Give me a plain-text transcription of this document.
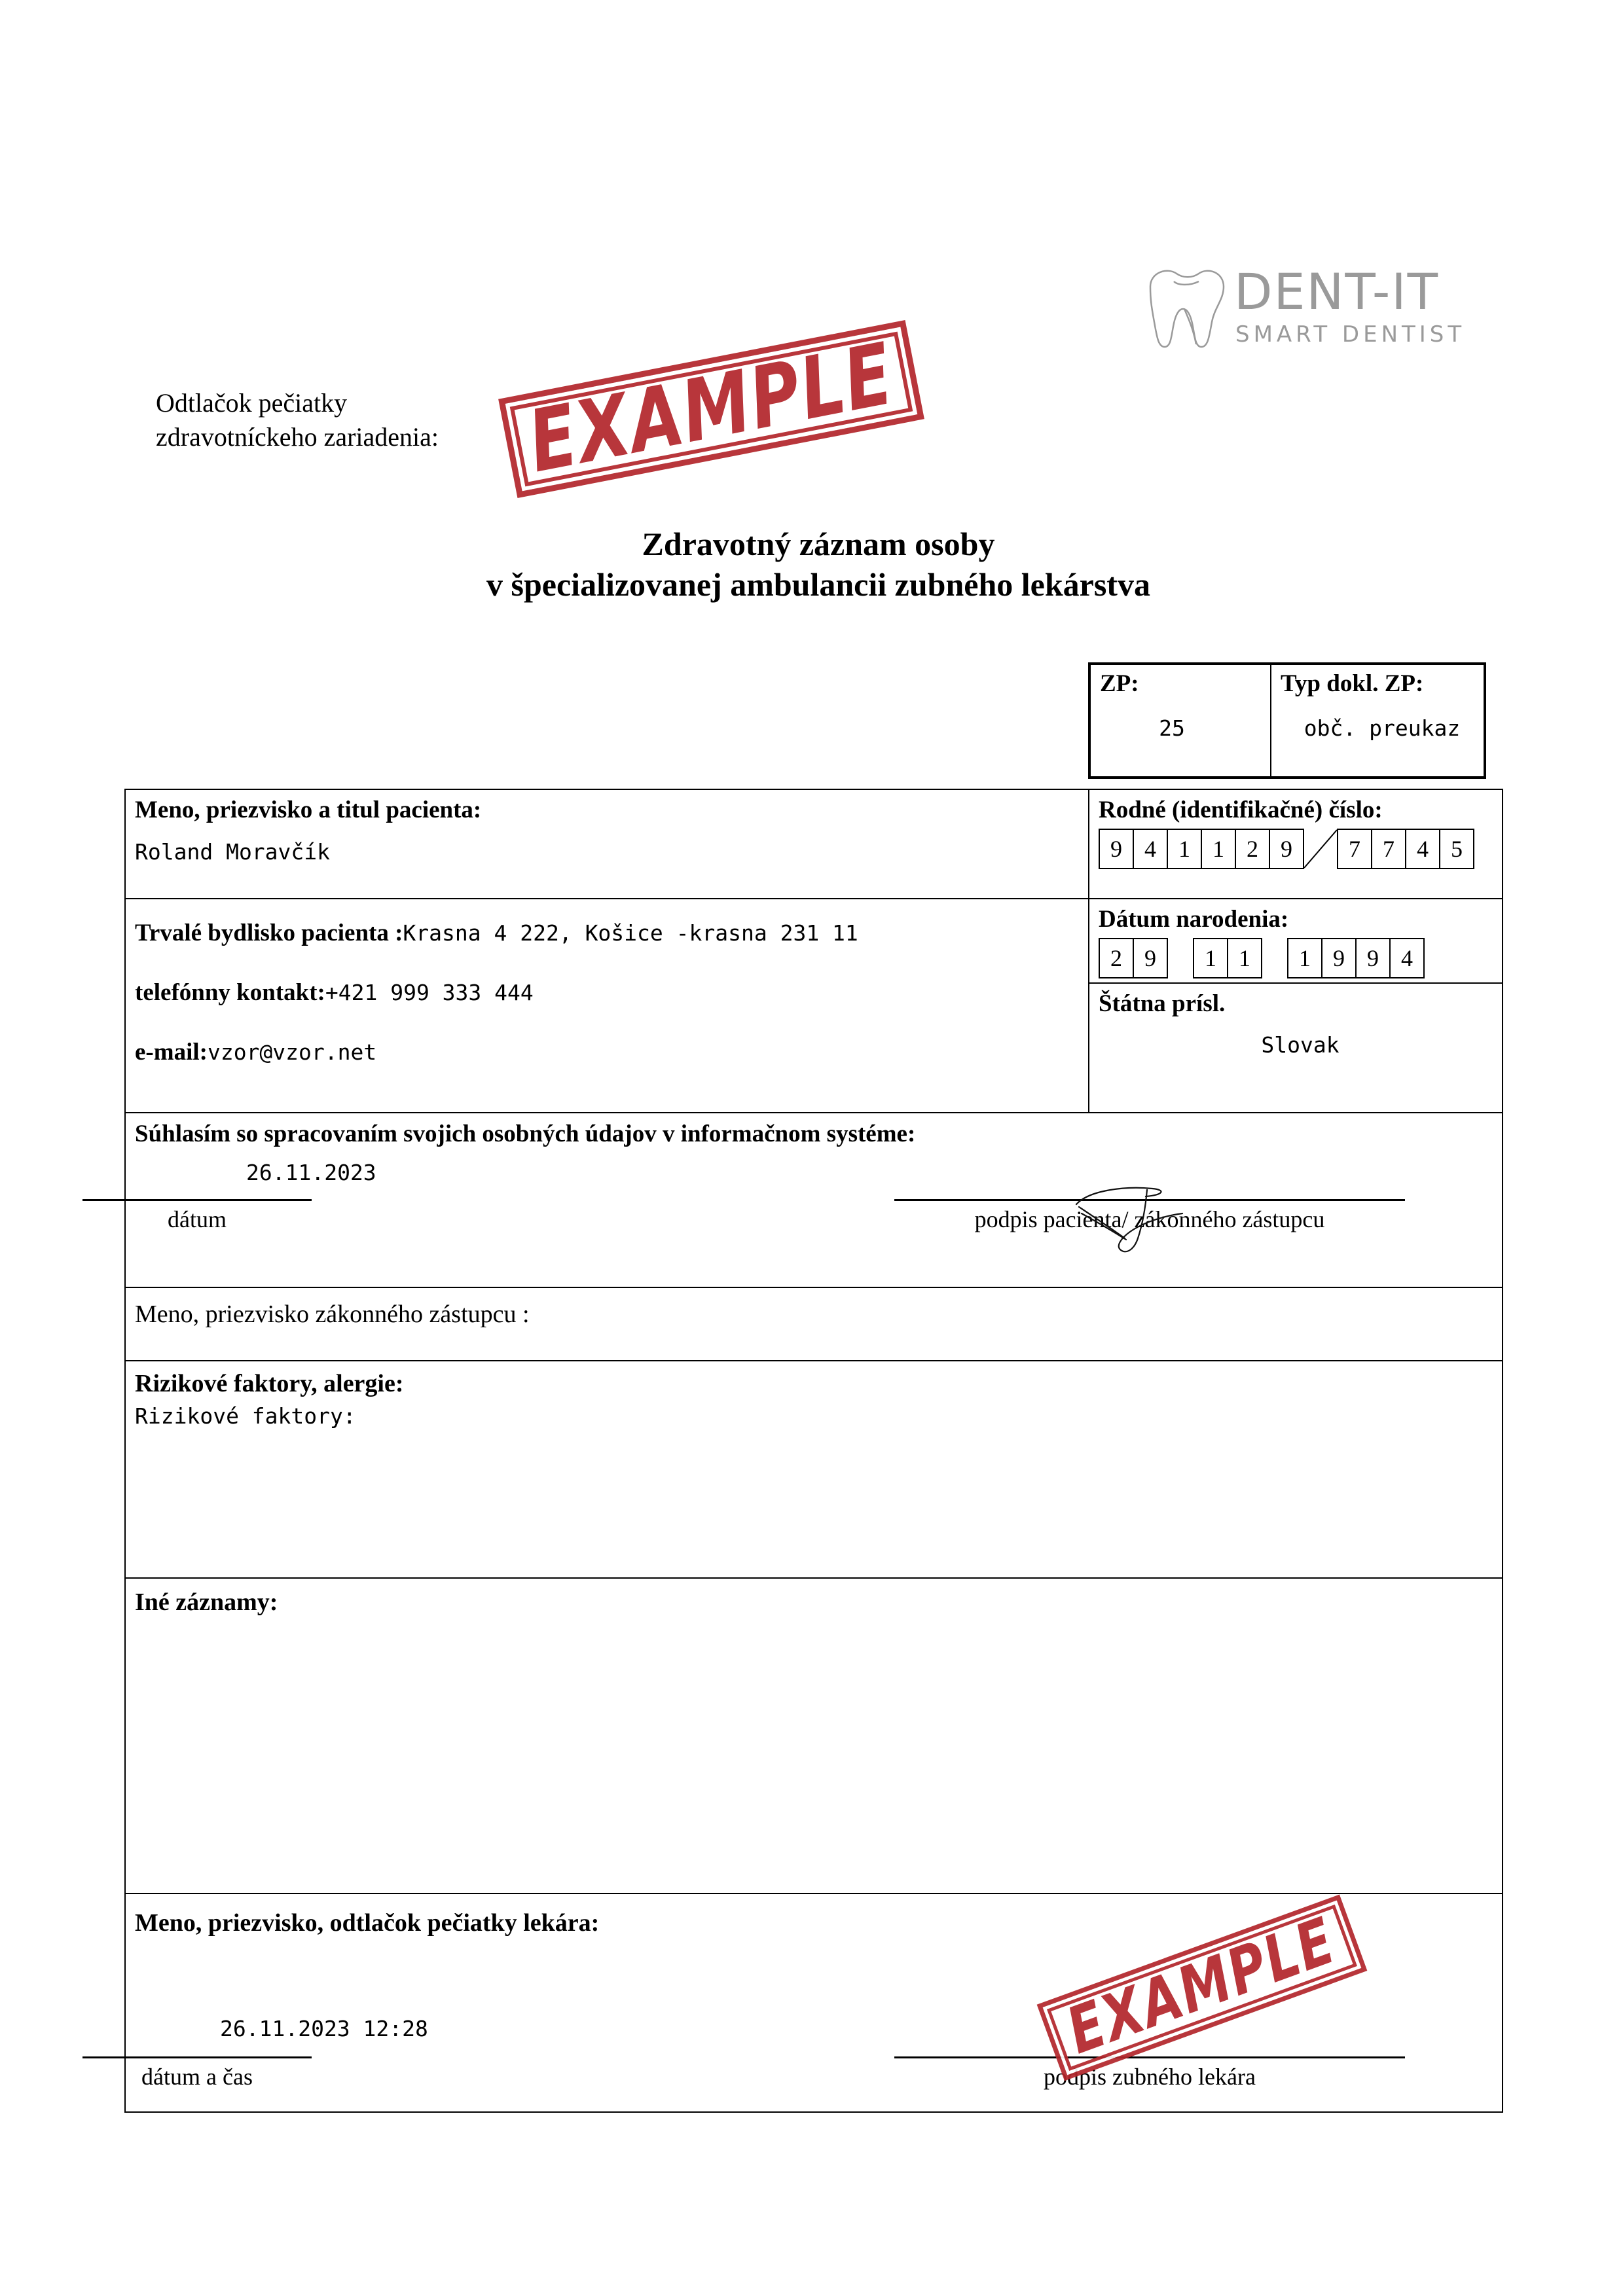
DENT-IT
SMART DENTIST
Odtlačok pečiatky
zdravotníckeho zariadenia:	EXAMPLE
Zdravotný záznam osoby
v špecializovanej ambulancii zubného lekárstva
ZP:
25
Typ dokl. ZP:
obč. preukaz
Meno, priezvisko a titul pacienta:
Roland Moravčík

Rodné (identifikačné) číslo:
9 4 1 1 2 9	7 7 4 5

Trvalé bydlisko pacienta :Krasna 4 222, Košice -krasna 231 11
telefónny kontakt: +421 999 333 444
e-mail: vzor@vzor.net

Dátum narodenia:
2 9	1 1	1 9 9 4
Štátna prísl.
Slovak

Súhlasím so spracovaním svojich osobných údajov v informačnom systéme:
26.11.2023
dátum podpis pacienta/ zákonného zástupcu	

Meno, priezvisko zákonného zástupcu :	

Rizikové faktory, alergie:
Rizikové faktory:	

Iné záznamy:	

Meno, priezvisko, odtlačok pečiatky lekára:
26.11.2023 12:28
dátum a čas podpis zubného lekára	
EXAMPLE
